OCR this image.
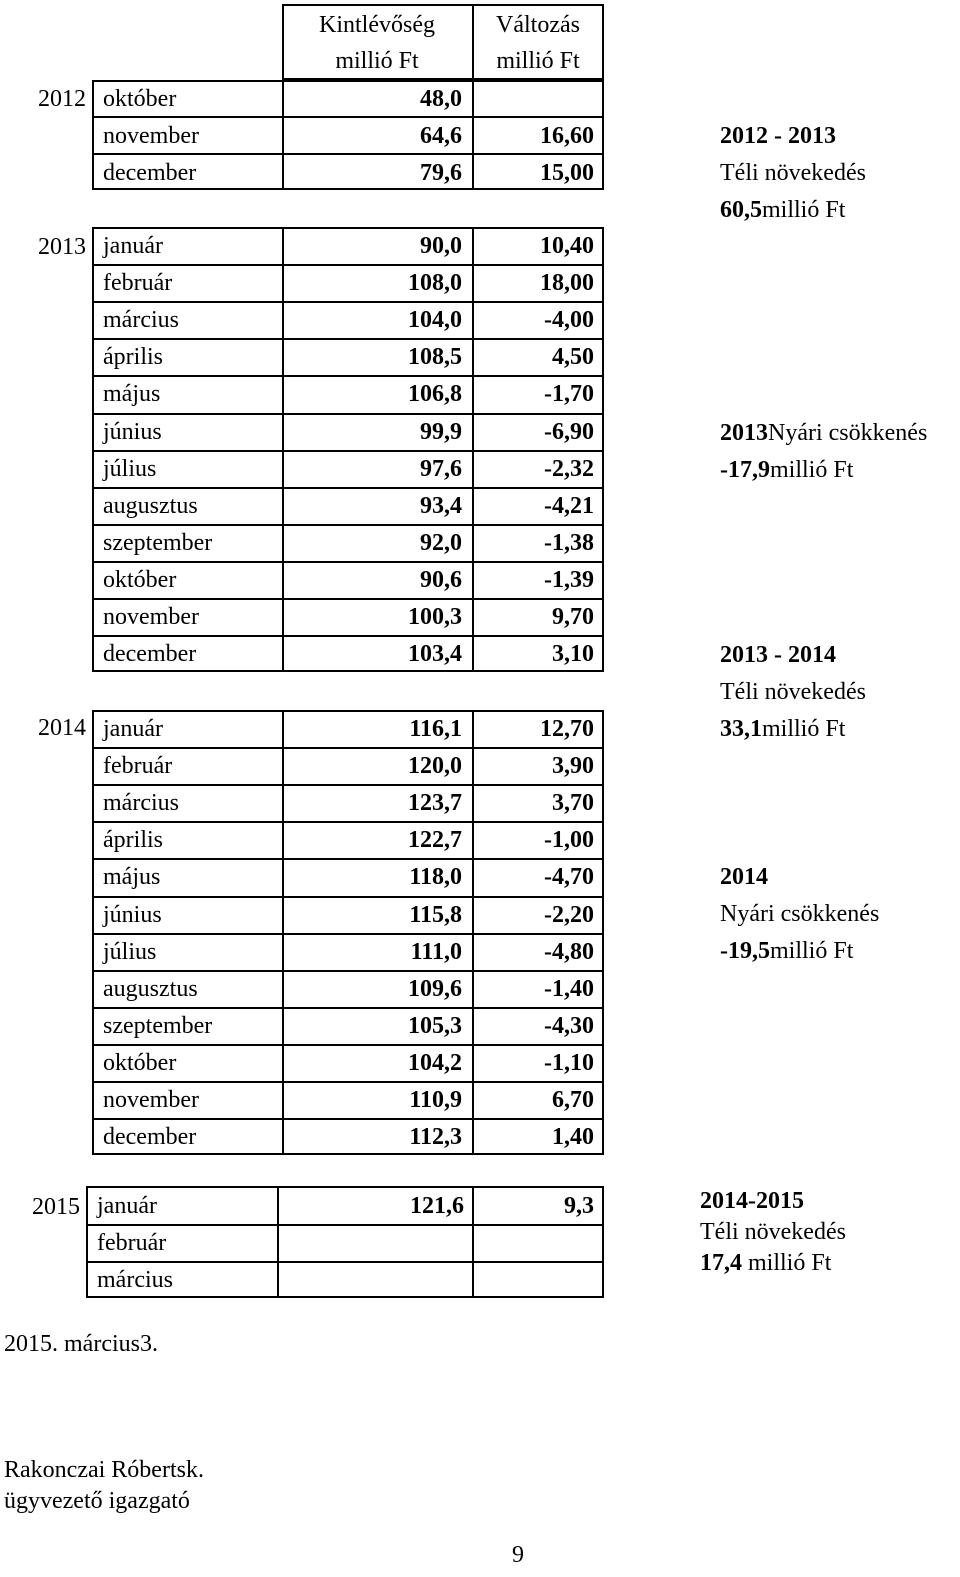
Kintlévőség
millió Ft
Változás
millió Ft
2012 október	48,0
november	64,6	16,60
december	79,6	15,00
2013 január	90,0	10,40
február	108,0	18,00
március	104,0	-4,00
április	108,5	4,50
május	106,8	-1,70
június	99,9	-6,90
július	97,6	-2,32
augusztus	93,4	-4,21
szeptember	92,0	-1,38
október	90,6	-1,39
november	100,3	9,70
december	103,4	3,10
2014 január	116,1	12,70
február	120,0	3,90
március	123,7	3,70
április	122,7	-1,00
május	118,0	-4,70
június	115,8	-2,20
július	111,0	-4,80
augusztus	109,6	-1,40
szeptember	105,3	-4,30
október	104,2	-1,10
november	110,9	6,70
december	112,3	1,40
2015 január	121,6	9,3
február
március
2012 - 2013
Téli növekedés
60,5millió Ft
2013Nyári csökkenés
-17,9millió Ft
2013 - 2014
Téli növekedés
33,1millió Ft
2014
Nyári csökkenés
-19,5millió Ft
2014-2015
Téli növekedés
17,4 millió Ft
2015. március3.
Rakonczai Róbertsk.
ügyvezető igazgató
9
